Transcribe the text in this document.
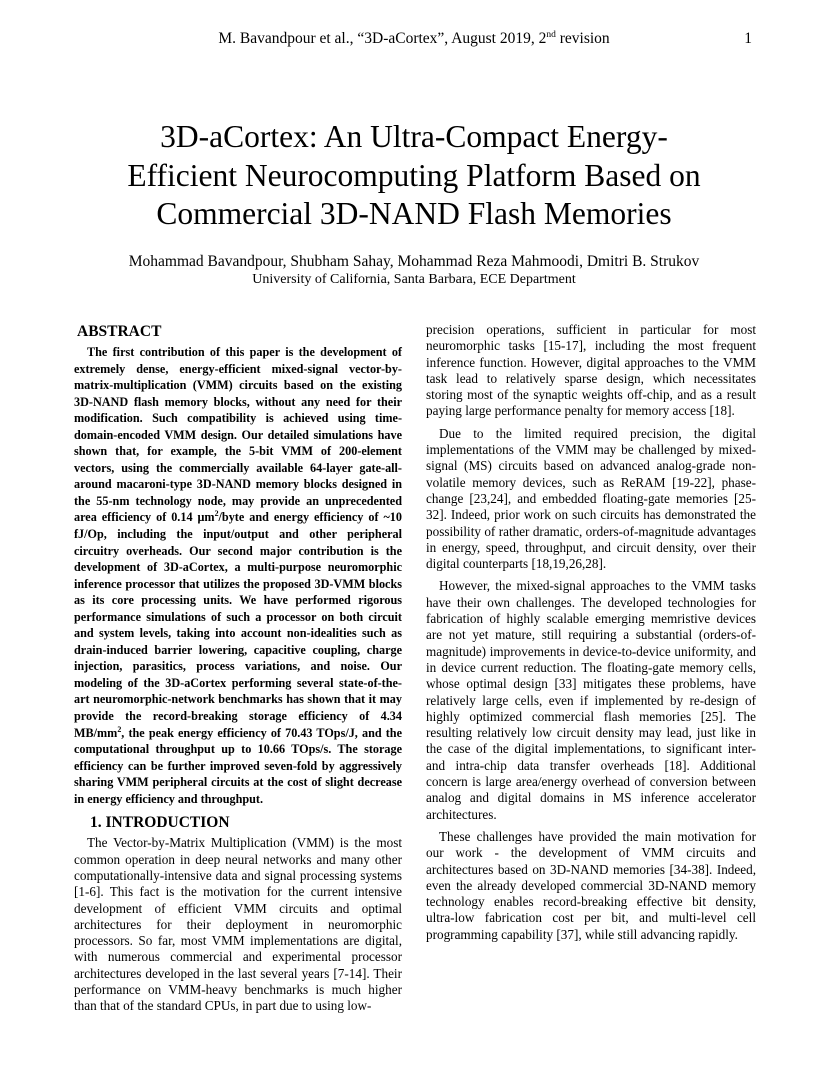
M. Bavandpour et al., “3D-aCortex”, August 2019, 2nd revision	1
3D-aCortex: An Ultra-Compact Energy-
Efficient Neurocomputing Platform Based on
Commercial 3D-NAND Flash Memories
Mohammad Bavandpour, Shubham Sahay, Mohammad Reza Mahmoodi, Dmitri B. Strukov
University of California, Santa Barbara, ECE Department
ABSTRACT

The first contribution of this paper is the development of extremely dense, energy-efficient mixed-signal vector-by-matrix-multiplication (VMM) circuits based on the existing 3D-NAND flash memory blocks, without any need for their modification. Such compatibility is achieved using time-domain-encoded VMM design. Our detailed simulations have shown that, for example, the 5-bit VMM of 200-element vectors, using the commercially available 64-layer gate-all-around macaroni-type 3D-NAND memory blocks designed in the 55-nm technology node, may provide an unprecedented area efficiency of 0.14 $\mu m^2$/byte and energy efficiency of ~10 fJ/Op, including the input/output and other peripheral circuitry overheads. Our second major contribution is the development of 3D-aCortex, a multi-purpose neuromorphic inference processor that utilizes the proposed 3D-VMM blocks as its core processing units. We have performed rigorous performance simulations of such a processor on both circuit and system levels, taking into account non-idealities such as drain-induced barrier lowering, capacitive coupling, charge injection, parasitics, process variations, and noise. Our modeling of the 3D-aCortex performing several state-of-the-art neuromorphic-network benchmarks has shown that it may provide the record-breaking storage efficiency of 4.34 $MB/mm^2$, the peak energy efficiency of 70.43 TOps/J, and the computational throughput up to 10.66 TOps/s. The storage efficiency can be further improved seven-fold by aggressively sharing VMM peripheral circuits at the cost of slight decrease in energy efficiency and throughput.

1. INTRODUCTION

The Vector-by-Matrix Multiplication (VMM) is the most common operation in deep neural networks and many other computationally-intensive data and signal processing systems [1-6]. This fact is the motivation for the current intensive development of efficient VMM circuits and optimal architectures for their deployment in neuromorphic processors. So far, most VMM implementations are digital, with numerous commercial and experimental processor architectures developed in the last several years [7-14]. Their performance on VMM-heavy benchmarks is much higher than that of the standard CPUs, in part due to using low-

precision operations, sufficient in particular for most neuromorphic tasks [15-17], including the most frequent inference function. However, digital approaches to the VMM task lead to relatively sparse design, which necessitates storing most of the synaptic weights off-chip, and as a result paying large performance penalty for memory access [18].

Due to the limited required precision, the digital implementations of the VMM may be challenged by mixed-signal (MS) circuits based on advanced analog-grade non-volatile memory devices, such as ReRAM [19-22], phase-change [23,24], and embedded floating-gate memories [25-32]. Indeed, prior work on such circuits has demonstrated the possibility of rather dramatic, orders-of-magnitude advantages in energy, speed, throughput, and circuit density, over their digital counterparts [18,19,26,28].

However, the mixed-signal approaches to the VMM tasks have their own challenges. The developed technologies for fabrication of highly scalable emerging memristive devices are not yet mature, still requiring a substantial (orders-of-magnitude) improvements in device-to-device uniformity, and in device current reduction. The floating-gate memory cells, whose optimal design [33] mitigates these problems, have relatively large cells, even if implemented by re-design of highly optimized commercial flash memories [25]. The resulting relatively low circuit density may lead, just like in the case of the digital implementations, to significant inter- and intra-chip data transfer overheads [18]. Additional concern is large area/energy overhead of conversion between analog and digital domains in MS inference accelerator architectures.

These challenges have provided the main motivation for our work - the development of VMM circuits and architectures based on 3D-NAND memories [34-38]. Indeed, even the already developed commercial 3D-NAND memory technology enables record-breaking effective bit density, ultra-low fabrication cost per bit, and multi-level cell programming capability [37], while still advancing rapidly.
